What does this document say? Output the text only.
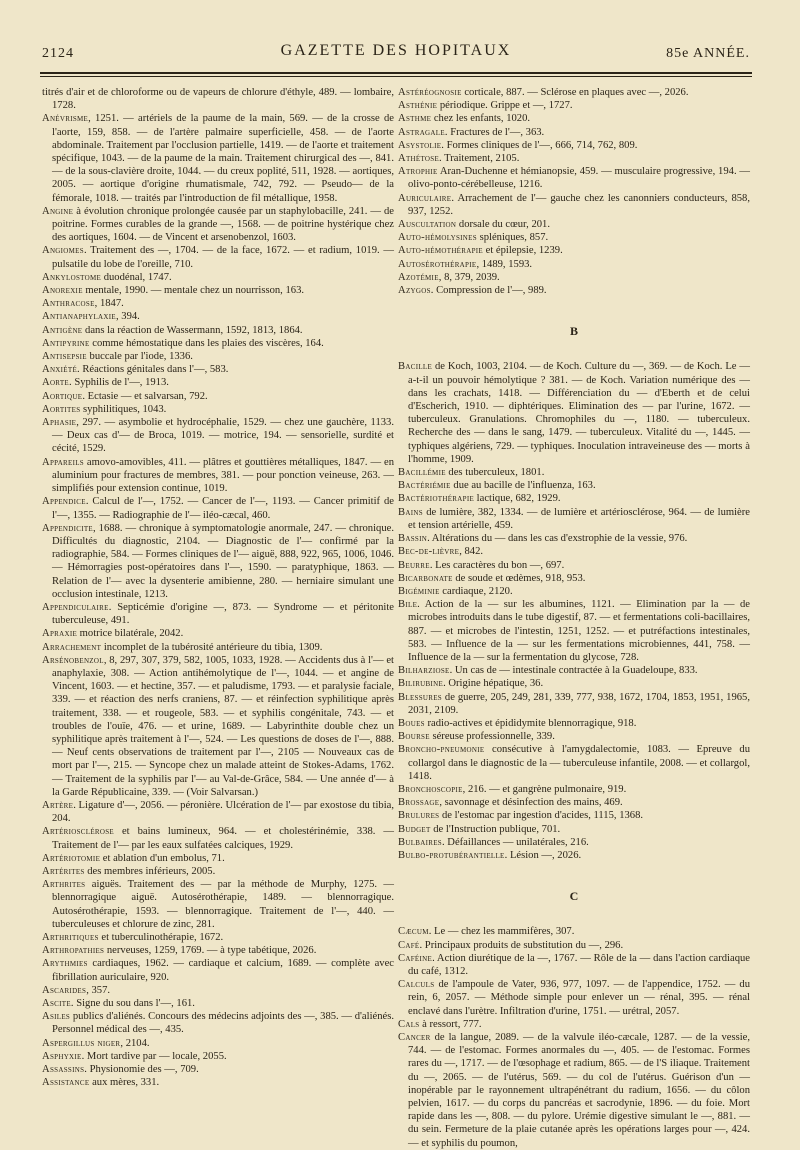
2124	GAZETTE DES HOPITAUX	85e ANNÉE.

titrés d'air et de chloroforme ou de vapeurs de chlorure d'éthyle, 489. — lombaire, 1728.

Anévrisme, 1251. — artériels de la paume de la main, 569. — de la crosse de l'aorte, 159, 858. — de l'artère palmaire superficielle, 458. — de l'aorte abdominale. Traitement par l'occlusion partielle, 1419. — de l'aorte et traitement spécifique, 1043. — de la paume de la main. Traitement chirurgical des —, 841. — de la sous-clavière droite, 1044. — du creux poplité, 511, 1928. — aortiques, 2005. — aortique d'origine rhumatismale, 742, 792. — Pseudo— de la fémorale, 1018. — traités par l'introduction de fil métallique, 1958.

Angine à évolution chronique prolongée causée par un staphylobacille, 241. — de poitrine. Formes curables de la grande —, 1568. — de poitrine hystérique chez des aortiques, 1604. — de Vincent et arsenobenzol, 1603.

Angiomes. Traitement des —, 1704. — de la face, 1672. — et radium, 1019. — pulsatile du lobe de l'oreille, 710.

Ankylostome duodénal, 1747.

Anorexie mentale, 1990. — mentale chez un nourrisson, 163.

Anthracose, 1847.

Antianaphylaxie, 394.

Antigène dans la réaction de Wassermann, 1592, 1813, 1864.

Antipyrine comme hémostatique dans les plaies des viscères, 164.

Antisepsie buccale par l'iode, 1336.

Anxiété. Réactions génitales dans l'—, 583.

Aorte. Syphilis de l'—, 1913.

Aortique. Ectasie — et salvarsan, 792.

Aortites syphilitiques, 1043.

Aphasie, 297. — asymbolie et hydrocéphalie, 1529. — chez une gauchère, 1133. — Deux cas d'— de Broca, 1019. — motrice, 194. — sensorielle, surdité et cécité, 1529.

Appareils amovo-amovibles, 411. — plâtres et gouttières métalliques, 1847. — en aluminium pour fractures de membres, 381. — pour ponction veineuse, 263. — simplifiés pour extension continue, 1019.

Appendice. Calcul de l'—, 1752. — Cancer de l'—, 1193. — Cancer primitif de l'—, 1355. — Radiographie de l'— iléo-cæcal, 460.

Appendicite, 1688. — chronique à symptomatologie anormale, 247. — chronique. Difficultés du diagnostic, 2104. — Diagnostic de l'— confirmé par la radiographie, 584. — Formes cliniques de l'— aiguë, 888, 922, 965, 1006, 1046. — Hémorragies post-opératoires dans l'—, 1590. — paratyphique, 1863. — Relation de l'— avec la dysenterie amibienne, 280. — herniaire simulant une occlusion intestinale, 1213.

Appendiculaire. Septicémie d'origine —, 873. — Syndrome — et péritonite tuberculeuse, 491.

Apraxie motrice bilatérale, 2042.

Arrachement incomplet de la tubérosité antérieure du tibia, 1309.

Arsénobenzol, 8, 297, 307, 379, 582, 1005, 1033, 1928. — Accidents dus à l'— et anaphylaxie, 308. — Action antihémolytique de l'—, 1044. — et angine de Vincent, 1603. — et hectine, 357. — et paludisme, 1793. — et paralysie faciale, 339. — et réaction des nerfs craniens, 87. — et réinfection syphilitique après traitement, 338. — et rougeole, 583. — et syphilis congénitale, 743. — et troubles de l'ouïe, 476. — et urine, 1689. — Labyrinthite double chez un syphilitique après traitement à l'—, 524. — Les questions de doses de l'—, 888. — Neuf cents observations de traitement par l'—, 2105 — Nouveaux cas de mort par l'—, 215. — Syncope chez un malade atteint de Stokes-Adams, 1762. — Traitement de la syphilis par l'— au Val-de-Grâce, 584. — Une année d'— à la Garde Républicaine, 339. — (Voir Salvarsan.)

Artère. Ligature d'—, 2056. — péronière. Ulcération de l'— par exostose du tibia, 204.

Artériosclérose et bains lumineux, 964. — et cholestérinémie, 338. — Traitement de l'— par les eaux sulfatées calciques, 1929.

Artériotomie et ablation d'un embolus, 71.

Artérites des membres inférieurs, 2005.

Arthrites aiguës. Traitement des — par la méthode de Murphy, 1275. — blennorragique aiguë. Autosérothérapie, 1489. — blennorragique. Autosérothérapie, 1593. — blennorragique. Traitement de l'—, 440. — tuberculeuses et chlorure de zinc, 281.

Arthritiques et tuberculinothérapie, 1672.

Arthropathies nerveuses, 1259, 1769. — à type tabétique, 2026.

Arythmies cardiaques, 1962. — cardiaque et calcium, 1689. — complète avec fibrillation auriculaire, 920.

Ascarides, 357.

Ascite. Signe du sou dans l'—, 161.

Asiles publics d'aliénés. Concours des médecins adjoints des —, 385. — d'aliénés. Personnel médical des —, 435.

Aspergillus niger, 2104.

Asphyxie. Mort tardive par — locale, 2055.

Assassins. Physionomie des —, 709.

Assistance aux mères, 331.

Astéréognosie corticale, 887. — Sclérose en plaques avec —, 2026.

Asthénie périodique. Grippe et —, 1727.

Asthme chez les enfants, 1020.

Astragale. Fractures de l'—, 363.

Asystolie. Formes cliniques de l'—, 666, 714, 762, 809.

Athétose. Traitement, 2105.

Atrophie Aran-Duchenne et hémianopsie, 459. — musculaire progressive, 194. — olivo-ponto-cérébelleuse, 1216.

Auriculaire. Arrachement de l'— gauche chez les canonniers conducteurs, 858, 937, 1252.

Auscultation dorsale du cœur, 201.

Auto-hémolysines spléniques, 857.

Auto-hémothérapie et épilepsie, 1239.

Autosérothérapie, 1489, 1593.

Azotémie, 8, 379, 2039.

Azygos. Compression de l'—, 989.

B

Bacille de Koch, 1003, 2104. — de Koch. Culture du —, 369. — de Koch. Le — a-t-il un pouvoir hémolytique ? 381. — de Koch. Variation numérique des — dans les crachats, 1418. — Différenciation du — d'Eberth et de celui d'Escherich, 1910. — diphtériques. Elimination des — par l'urine, 1672. — tuberculeux. Granulations. Chromophiles du —, 1180. — tuberculeux. Recherche des — dans le sang, 1479. — tuberculeux. Vitalité du —, 1445. — typhiques algériens, 729. — typhiques. Inoculation intraveineuse des — morts à l'homme, 1909.

Bacillémie des tuberculeux, 1801.

Bactériémie due au bacille de l'influenza, 163.

Bactériothérapie lactique, 682, 1929.

Bains de lumière, 382, 1334. — de lumière et artériosclérose, 964. — de lumière et tension artérielle, 459.

Bassin. Altérations du — dans les cas d'exstrophie de la vessie, 976.

Bec-de-lièvre, 842.

Beurre. Les caractères du bon —, 697.

Bicarbonate de soude et œdèmes, 918, 953.

Bigéminie cardiaque, 2120.

Bile. Action de la — sur les albumines, 1121. — Elimination par la — de microbes introduits dans le tube digestif, 87. — et fermentations coli-bacillaires, 887. — et microbes de l'intestin, 1251, 1252. — et putréfactions intestinales, 583. — Influence de la — sur les fermentations microbiennes, 441, 758. — Influence de la — sur la fermentation du glycose, 728.

Bilharziose. Un cas de — intestinale contractée à la Guadeloupe, 833.

Bilirubine. Origine hépatique, 36.

Blessures de guerre, 205, 249, 281, 339, 777, 938, 1672, 1704, 1853, 1951, 1965, 2031, 2109.

Boues radio-actives et épididymite blennorragique, 918.

Bourse séreuse professionnelle, 339.

Broncho-pneumonie consécutive à l'amygdalectomie, 1083. — Epreuve du collargol dans le diagnostic de la — tuberculeuse infantile, 2008. — et collargol, 1418.

Bronchoscopie, 216. — et gangrène pulmonaire, 919.

Brossage, savonnage et désinfection des mains, 469.

Brulures de l'estomac par ingestion d'acides, 1115, 1368.

Budget de l'Instruction publique, 701.

Bulbaires. Défaillances — unilatérales, 216.

Bulbo-protubérantielle. Lésion —, 2026.

C

Cæcum. Le — chez les mammifères, 307.

Café. Principaux produits de substitution du —, 296.

Caféine. Action diurétique de la —, 1767. — Rôle de la — dans l'action cardiaque du café, 1312.

Calculs de l'ampoule de Vater, 936, 977, 1097. — de l'appendice, 1752. — du rein, 6, 2057. — Méthode simple pour enlever un — rénal, 395. — rénal enclavé dans l'urètre. Infiltration d'urine, 1751. — urétral, 2057.

Cals à ressort, 777.

Cancer de la langue, 2089. — de la valvule iléo-cæcale, 1287. — de la vessie, 744. — de l'estomac. Formes anormales du —, 405. — de l'estomac. Formes rares du —, 1717. — de l'œsophage et radium, 865. — de l'S iliaque. Traitement du —, 2065. — de l'utérus, 569. — du col de l'utérus. Guérison d'un — inopérable par le rayonnement ultrapénétrant du radium, 1656. — du côlon pelvien, 1617. — du corps du pancréas et sacrodynie, 1896. — du foie. Mort rapide dans les —, 808. — du pylore. Urémie digestive simulant le —, 881. — du sein. Fermeture de la plaie cutanée après les opérations larges pour —, 424. — et syphilis du poumon,
